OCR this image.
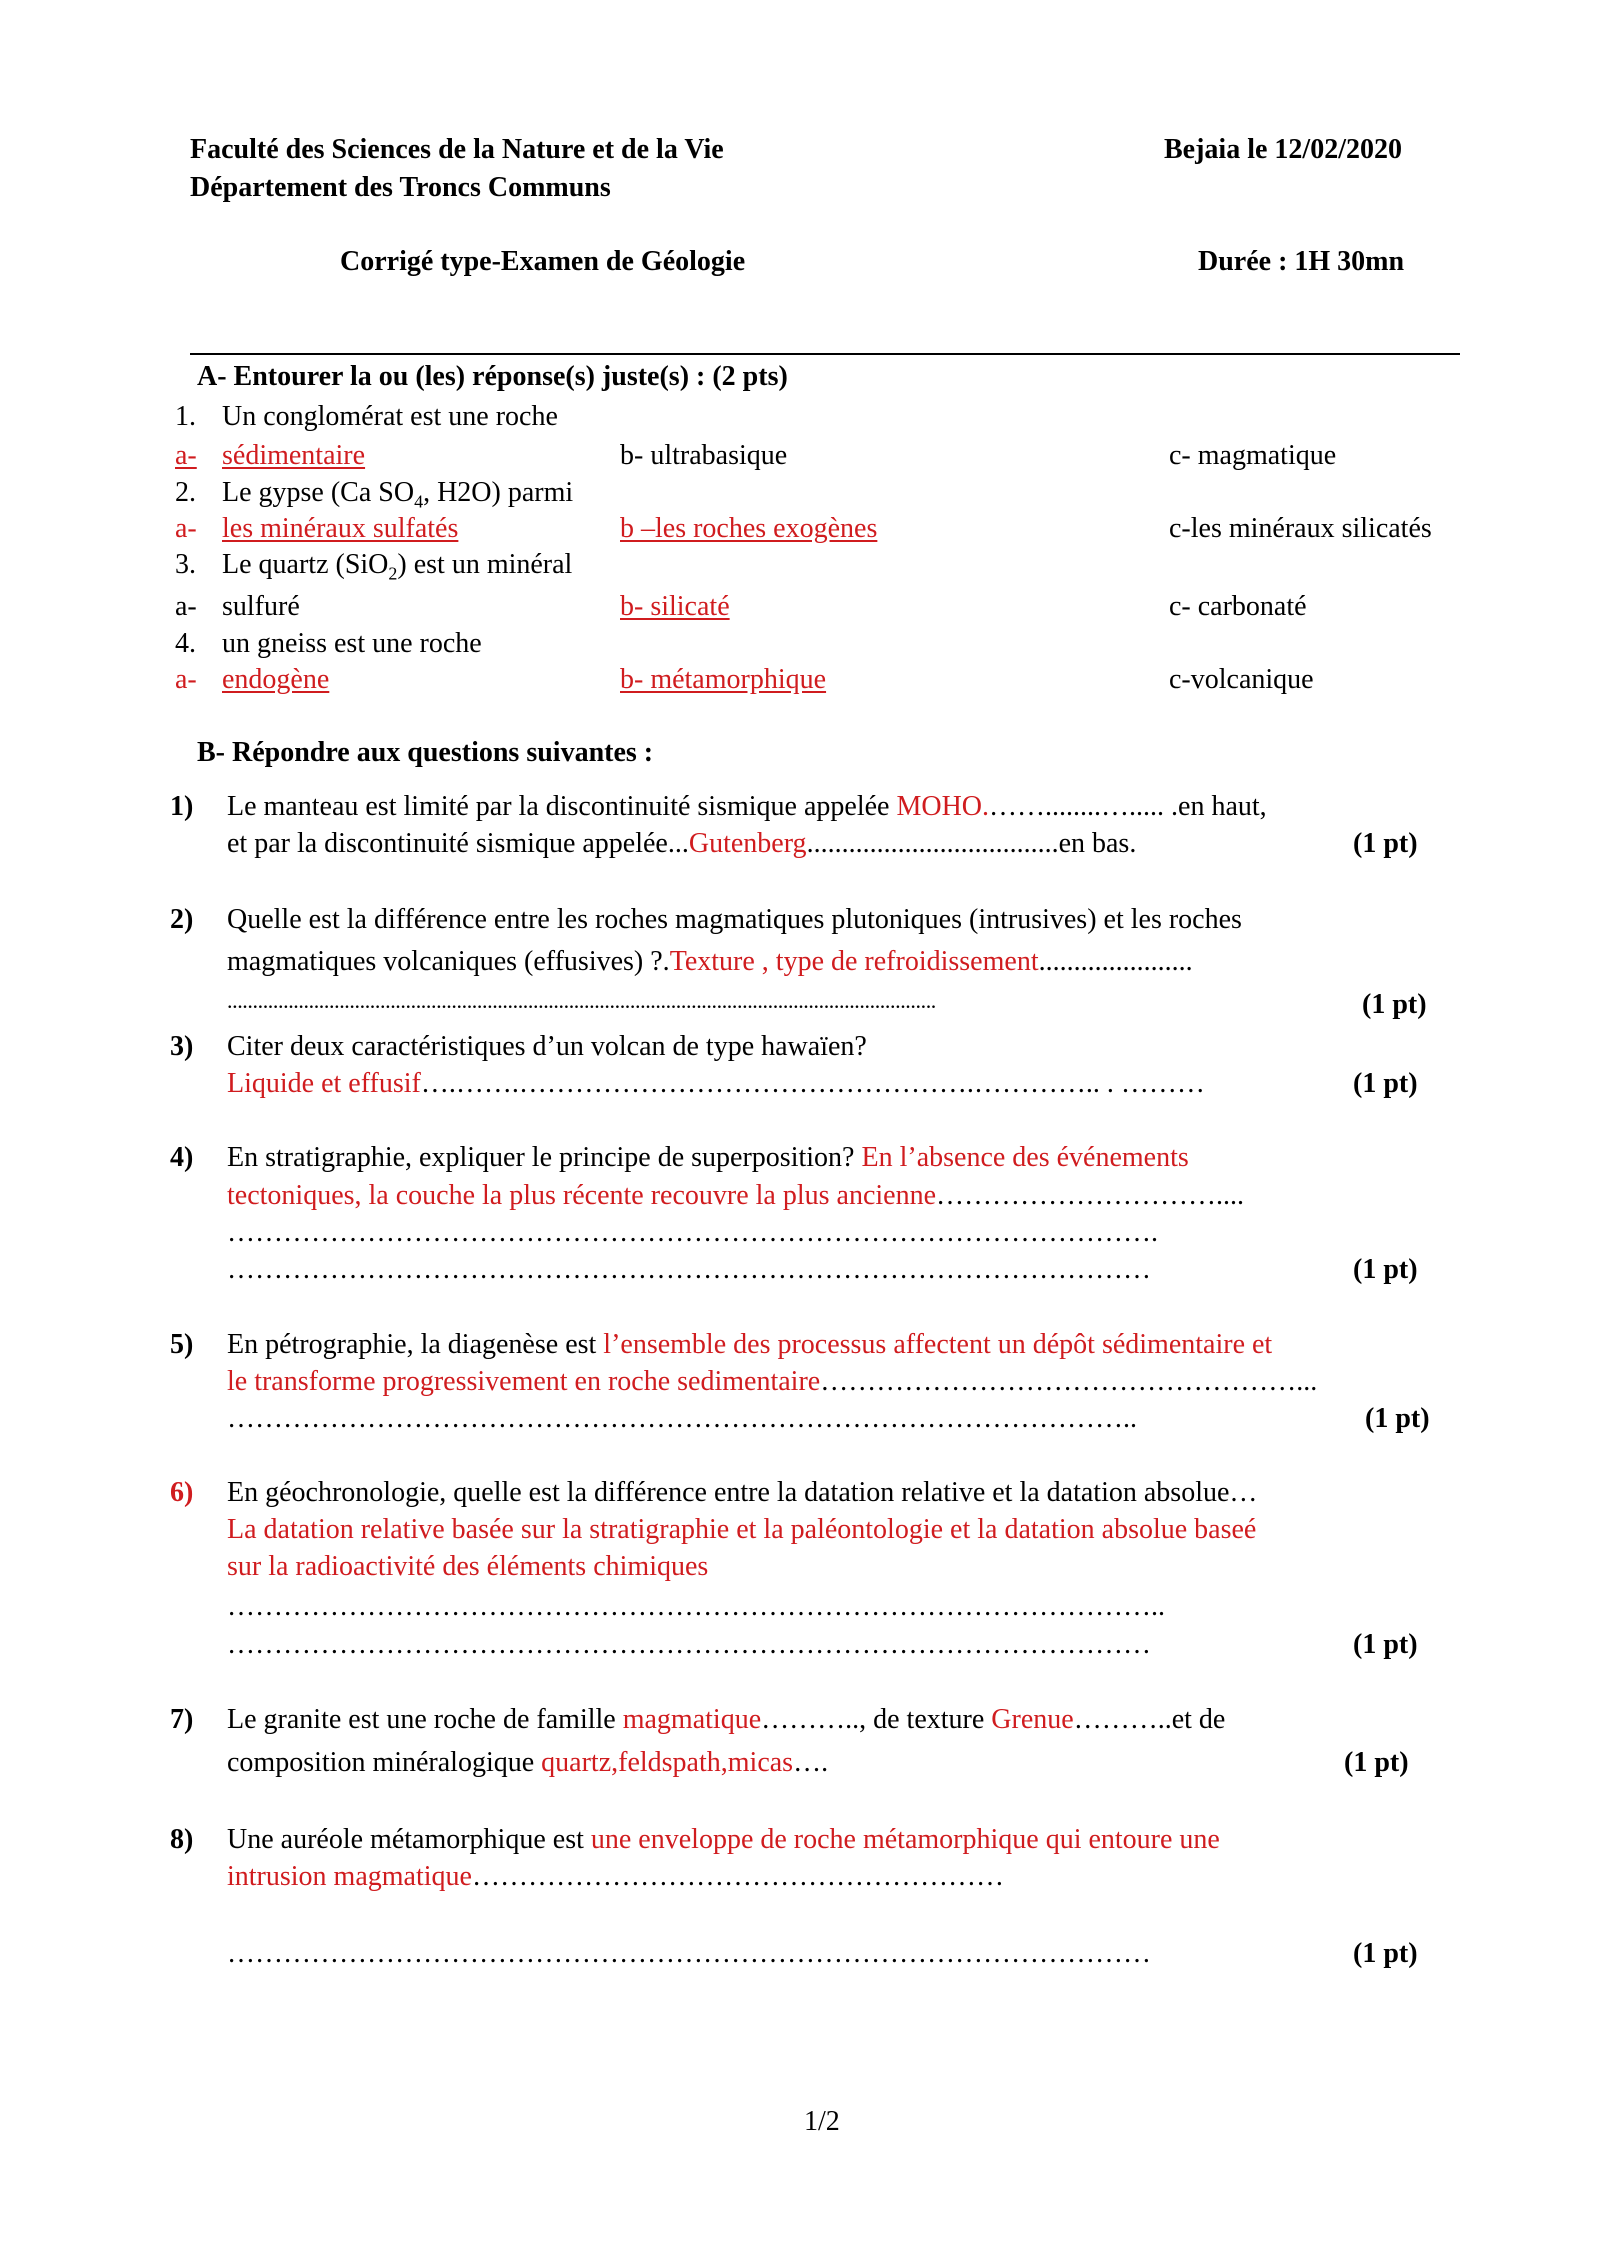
Faculté des Sciences de la Nature et de la Vie
Département des Troncs Communs
Bejaia le 12/02/2020
Corrigé type-Examen de Géologie	Durée : 1H 30mn
A- Entourer la ou (les) réponse(s) juste(s) : (2 pts)
1. Un conglomérat est une roche
a- sédimentaire	b- ultrabasique	c- magmatique
2. Le gypse (Ca $SO_4$, H2O) parmi
a- les minéraux sulfatés	b –les roches exogènes	c-les minéraux silicatés
3. Le quartz (SiO$_2$) est un minéral
a- sulfuré	b- silicaté	c- carbonaté
4. un gneiss est une roche
a- endogène	b- métamorphique	c-volcanique
B- Répondre aux questions suivantes :
1) Le manteau est limité par la discontinuité sismique appelée MOHO.……........…..... .en haut,
et par la discontinuité sismique appelée...Gutenberg....................................en bas.	(1 pt)
2) Quelle est la différence entre les roches magmatiques plutoniques (intrusives) et les roches
magmatiques volcaniques (effusives) ?.Texture , type de refroidissement......................
...........................................................................................................................................	(1 pt)
3) Citer deux caractéristiques d’un volcan de type hawaïen?
Liquide et effusif….…….………………………………………….………….. . ………	(1 pt)
4) En stratigraphie, expliquer le principe de superposition? En l’absence des événements
tectoniques, la couche la plus récente recouvre la plus ancienne…………………………....
……………………………………………………………………………………….
………………………………………………………………………………………	(1 pt)
5) En pétrographie, la diagenèse est l’ensemble des processus affectent un dépôt sédimentaire et
le transforme progressivement en roche sedimentaire……………………………………………...
……………………………………………………………………………………..	(1 pt)
6) En géochronologie, quelle est la différence entre la datation relative et la datation absolue…
La datation relative basée sur la stratigraphie et la paléontologie et la datation absolue baseé
sur la radioactivité des éléments chimiques
………………………………………………………………………………………..
………………………………………………………………………………………	(1 pt)
7) Le granite est une roche de famille magmatique……….., de texture Grenue………..et de
composition minéralogique quartz,feldspath,micas….	(1 pt)
8) Une auréole métamorphique est une enveloppe de roche métamorphique qui entoure une
intrusion magmatique…………………………………………………
………………………………………………………………………………………	(1 pt)
1/2
